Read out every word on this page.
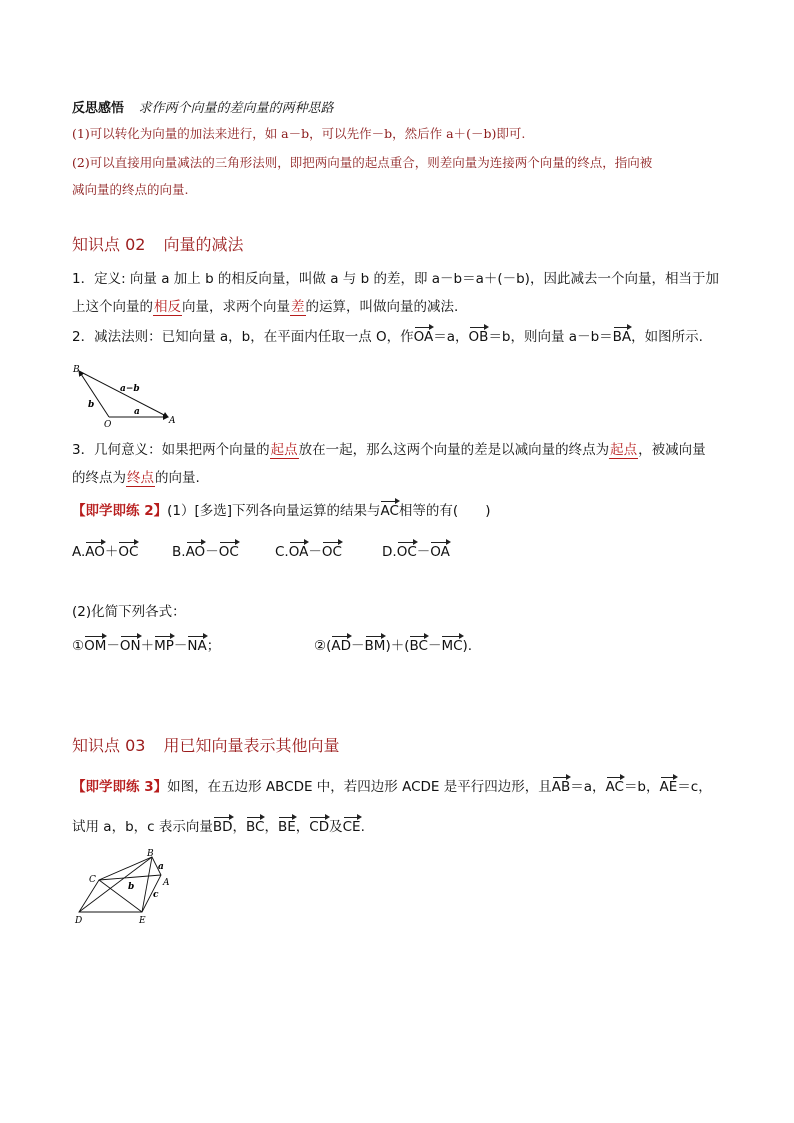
反思感悟 求作两个向量的差向量的两种思路
(1)可以转化为向量的加法来进行，如 a－b，可以先作－b，然后作 a＋(－b)即可.
(2)可以直接用向量减法的三角形法则，即把两向量的起点重合，则差向量为连接两个向量的终点，指向被
减向量的终点的向量.
知识点 02 向量的减法
1．定义: 向量 a 加上 b 的相反向量，叫做 a 与 b 的差，即 a－b＝a＋(－b)，因此减去一个向量，相当于加
上这个向量的相反向量，求两个向量差的运算，叫做向量的减法.
2．减法法则：已知向量 a，b，在平面内任取一点 O，作OA＝a，OB＝b，则向量 a－b＝BA，如图所示.
B
O	A
a−b
b
a
3．几何意义：如果把两个向量的起点放在一起，那么这两个向量的差是以减向量的终点为起点，被减向量
的终点为终点的向量.
【即学即练 2】(1）[多选]下列各向量运算的结果与AC相等的有(　　)
A.AO＋OC B.AO－OC	C.OA－OC	D.OC－OA
(2)化简下列各式：
①OM－ON＋MP－NA；	②(AD－BM)＋(BC－MC).
知识点 03 用已知向量表示其他向量
【即学即练 3】如图，在五边形 ABCDE 中，若四边形 ACDE 是平行四边形，且AB＝a，AC＝b，AE＝c，
试用 a，b，c 表示向量BD，BC，BE，CD及CE.
B
C	A
D	E
a
b
c
